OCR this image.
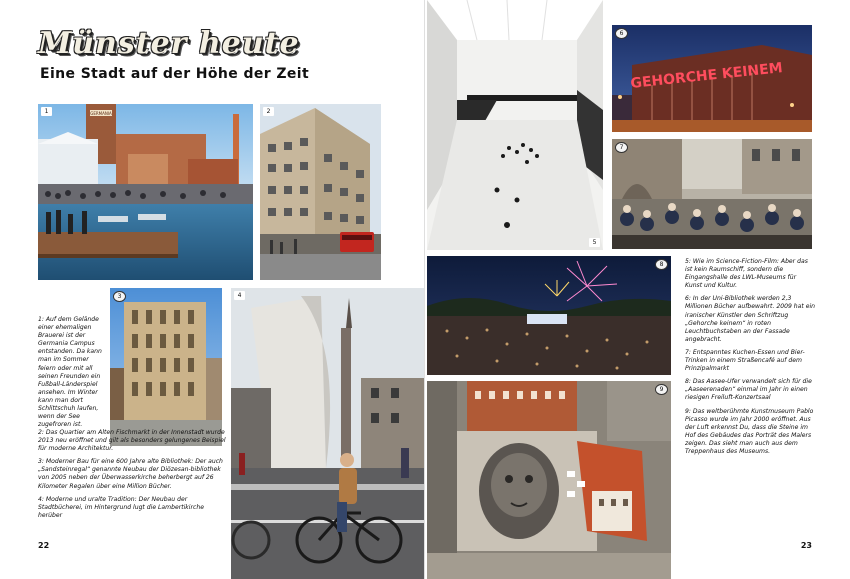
Münster heute
Eine Stadt auf der Höhe der Zeit
GERMANIA
1	2
3	4

1: Auf dem Gelände einer ehemaligen Brauerei ist der Germania Campus entstanden. Da kann man im Sommer feiern oder mit all seinen Freunden ein Fußball-Länderspiel ansehen. Im Winter kann man dort Schlittschuh laufen, wenn der See zugefroren ist.

2: Das Quartier am Alten Fischmarkt in der Innenstadt wurde 2013 neu eröffnet und gilt als besonders gelungenes Beispiel für moderne Architektur.

3: Moderner Bau für eine 600 Jahre alte Bibliothek: Der auch „Sandsteinregal“ genannte Neubau der Diözesan-bibliothek von 2005 neben der Überwasserkirche beherbergt auf 26 Kilometer Regalen über eine Million Bücher.

4: Moderne und uralte Tradition: Der Neubau der Stadtbücherei, im Hintergrund lugt die Lambertikirche herüber

22
5
GEHORCHE KEINEM
6
7
8
9

5: Wie im Science-Fiction-Film: Aber das ist kein Raumschiff, sondern die Eingangshalle des LWL-Museums für Kunst und Kultur.

6: In der Uni-Bibliothek werden 2,3 Millionen Bücher aufbewahrt. 2009 hat ein iranischer Künstler den Schriftzug „Gehorche keinem“ in roten Leuchtbuchstaben an der Fassade angebracht.

7: Entspanntes Kuchen-Essen und Bier-Trinken in einem Straßencafé auf dem Prinzipalmarkt

8: Das Aasee-Ufer verwandelt sich für die „Aaseerenaden“ einmal im Jahr in einen riesigen Freiluft-Konzertsaal

9: Das weltberühmte Kunstmuseum Pablo Picasso wurde im Jahr 2000 eröffnet. Aus der Luft erkennst Du, dass die Steine im Hof des Gebäudes das Porträt des Malers zeigen. Das sieht man auch aus dem Treppenhaus des Museums.

23
